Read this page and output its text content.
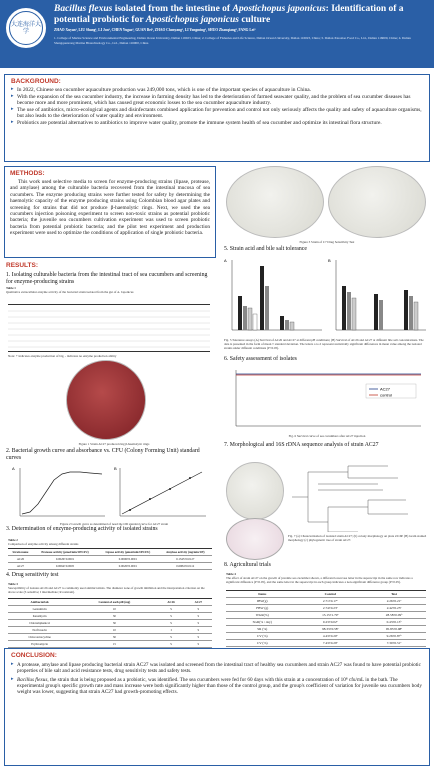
大连海洋大学
Bacillus flexus isolated from the intestine of Apostichopus japonicus: Identification of a potential probiotic for Apostichopus japonicus culture
ZHAO Xuyan¹, LIU Shang¹, LI Jun², CHEN Yugao², GUAN Bei³, ZHAO Chonyang³, LI Yongming³, SHUO Zhanqiang², FANG Lei³
1. College of Marine Science and Environmental Engineering, Dalian Ocean University, Dalian 116023, China; 2. College of Fisheries and Life Science, Dalian Ocean University, Dalian 116023, China; 3. Dalian Xiaoxiao Food Co., Ltd., Dalian 116000, China; 4. Dalian Shangquanrong Marine Biotechnology Co., Ltd., Dalian 116000, China
BACKGROUND:
▸ In 2022, Chinese sea cucumber aquaculture production was 249,000 tons, which is one of the important species of aquaculture in China.
▸ With the expansion of the sea cucumber industry, the increase in farming density has led to the deterioration of farmed seawater quality, and the problem of sea cucumber diseases has become more and more prominent, which has caused great economic losses to the sea cucumber aquaculture industry.
▸ The use of antibiotics, micro-ecological agents and disinfectants combined application for prevention and control not only seriously affects the quality and safety of aquaculture organisms, but also leads to the deterioration of water quality and environment.
▸ Probiotics are potential alternatives to antibiotics to improve water quality, promote the immune system health of sea cucumber and optimize its intestinal flora structure.
METHODS:
This work used selective media to screen for enzyme-producing strains (lipase, protease, and amylase) among the culturable bacteria recovered from the intestinal mucosa of sea cucumbers. The enzyme producing strains were further tested for safety by determining the haemolytic capacity of the enzyme producing strains using Colombian blood agar plates and screening for strains that did not produce β-haemolytic rings. Next, we used the sea cucumbers injection poisoning experiment to screen non-toxic strains as potential probiotic bacteria; the juvenile sea cucumbers cultivation experiment was used to screen probiotic bacteria from potential probiotic bacteria; and the pilot test experiment and production experiment were used to optimize the conditions of application of single probiotic bacteria.
RESULTS:
1. Isolating culturable bacteria from the intestinal tract of sea cucumbers and screening for enzyme-producing strains
Table 1
Qualitative extracellular enzyme activity of the bacterial strain isolated from the gut of A. Japonicus
Note: + indicates enzyme production of big, - indicates no enzyme production ability
Figure 1 Strain AC27 produced ring β-haemolytic rings
2. Bacterial growth curve and absorbance vs. CFU (Colony Forming Unit) standard curves
A	B
Figure 2 Growth curve as determined of need the OD standard curve for AC27 strain
3. Determination of enzyme-producing activity of isolated strains
Table 2
Comparison of enzyme activity among different strains
Strain name	Protease activity (µmol/min/10⁸CFU)	Lipase activity (µmol/min/10⁸CFU)	Amylase activity (mg/min/10⁸)
AC26	0.0026±0.0001	0.0006±0.0001	0.1345±0.0127
AC27	0.0064±0.0005	0.0026±0.0001	0.6984±0.0112
4. Drug sensitivity test
Table 3
Susceptibility of isolates AC26 and AC27 to commonly used antimicrobials. The diameter zone of growth inhibition and the interpretation criterion on the above scale (S sensitive; I intermediate; R resistant).
Antibacterials	Content of each pill (mg)	AC26	AC27
Gentamicin	10	S	S
Kanamycin	30	S	S
Chloramphenicol	30	S	S
Norfloxacin	10	I	S
Chlorotetracycline	30	S	S
Erythromycin	15	S	S

Figure 3 Strain of C7 Drug Sensitivity Test
5. Strain acid and bile salt tolerance
A	B
Fig. 5 Tolerance assays (A) Survival of AC26 and AC27 at different pH conditions; (B) Survival of AC26 and AC27 at different bile salt concentrations. The data is presented in the form of mean ± standard deviation. The letters a to d represent statistically significant differences in mean value among the isolated strains under different conditions (P<0.05).
6. Safety assessment of isolates
AC27
control
Fig. 6 Survival curve of sea cucumbers after AC27 injection
7. Morphological and 16S rDNA sequence analysis of strain AC27
Fig. 7 (a) Characterization of isolated strain AC27; (b) colony morphology on plate 2216E (B) Gram stained morphology (c) phylogenetic tree of strain AC27.
8. Agricultural trials
Table 4
The effect of strain AC27 on the growth of juvenile sea cucumber shown, a different lowercase letter in the superscript in the same row indicates a significant difference (P<0.05), and the same letter in the superscript in each group indicates a non-significant difference group (P>0.05).
Items	Control	Test
IBW(g)	2.71±0.17ᵃ	2.26±0.21ᵃ
FBW (g)	2.74±0.23ᵃ	2.42±0.25ᵃ
WGR(%)	13.15±1.79ᵃ	28.58±0.09ᵇ
SGR(% / day)	0.23±0.02ᵃ	0.43±0.13ᵇ
SR (%)	98.33±0.58ᵃ	95.83±0.98ᵃ
CV (%)	4.43±0.20ᵃ	9.26±0.87ᵇ
CV (%)	7.43±0.29ᵃ	7.30±0.51ᵃ
CONCLUSION:
▸ A protease, amylase and lipase producing bacterial strain AC27 was isolated and screened from the intestinal tract of healthy sea cucumbers and strain AC27 was found to have potential probiotic properties of bile salt and acid resistance tests, drug sensitivity tests and safety tests.
▸ Bacillus flexus, the strain that is being proposed as a probiotic, was identified. The sea cucumbers were fed for 60 days with this strain at a concentration of 10⁸ cfu/mL in the bath. The experimental group's specific growth rate and mass increase were both significantly higher than those of the control group, and the group's coefficient of variation for juvenile sea cucumbers body weight was lower, suggesting that strain AC27 had growth-promoting effects.
